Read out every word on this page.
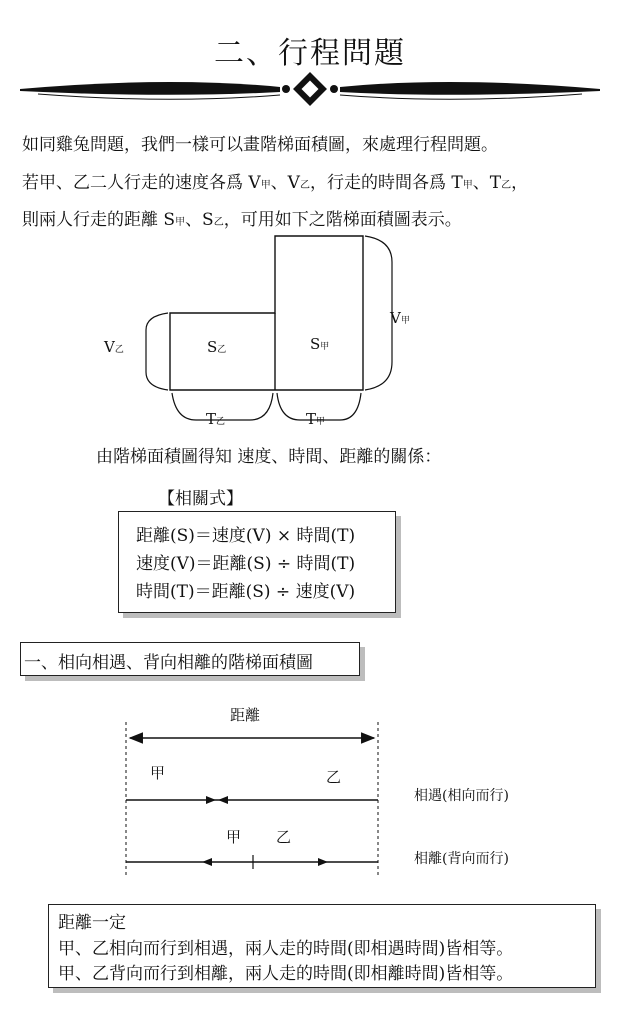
二、行程問題
如同雞兔問題，我們一樣可以畫階梯面積圖，來處理行程問題。
若甲、乙二人行走的速度各爲 V甲、V乙，行走的時間各爲 T甲、T乙，
則兩人行走的距離 S甲、S乙，可用如下之階梯面積圖表示。
V乙	S乙	S甲
V甲
T乙	T甲
由階梯面積圖得知 速度、時間、距離的關係：
【相關式】
距離(S)＝速度(V) × 時間(T)
速度(V)＝距離(S) ÷ 時間(T)
時間(T)＝距離(S) ÷ 速度(V)
一、相向相遇、背向相離的階梯面積圖
距離
甲	乙
甲 乙
相遇(相向而行)
相離(背向而行)
距離一定
甲、乙相向而行到相遇，兩人走的時間(即相遇時間)皆相等。
甲、乙背向而行到相離，兩人走的時間(即相離時間)皆相等。
